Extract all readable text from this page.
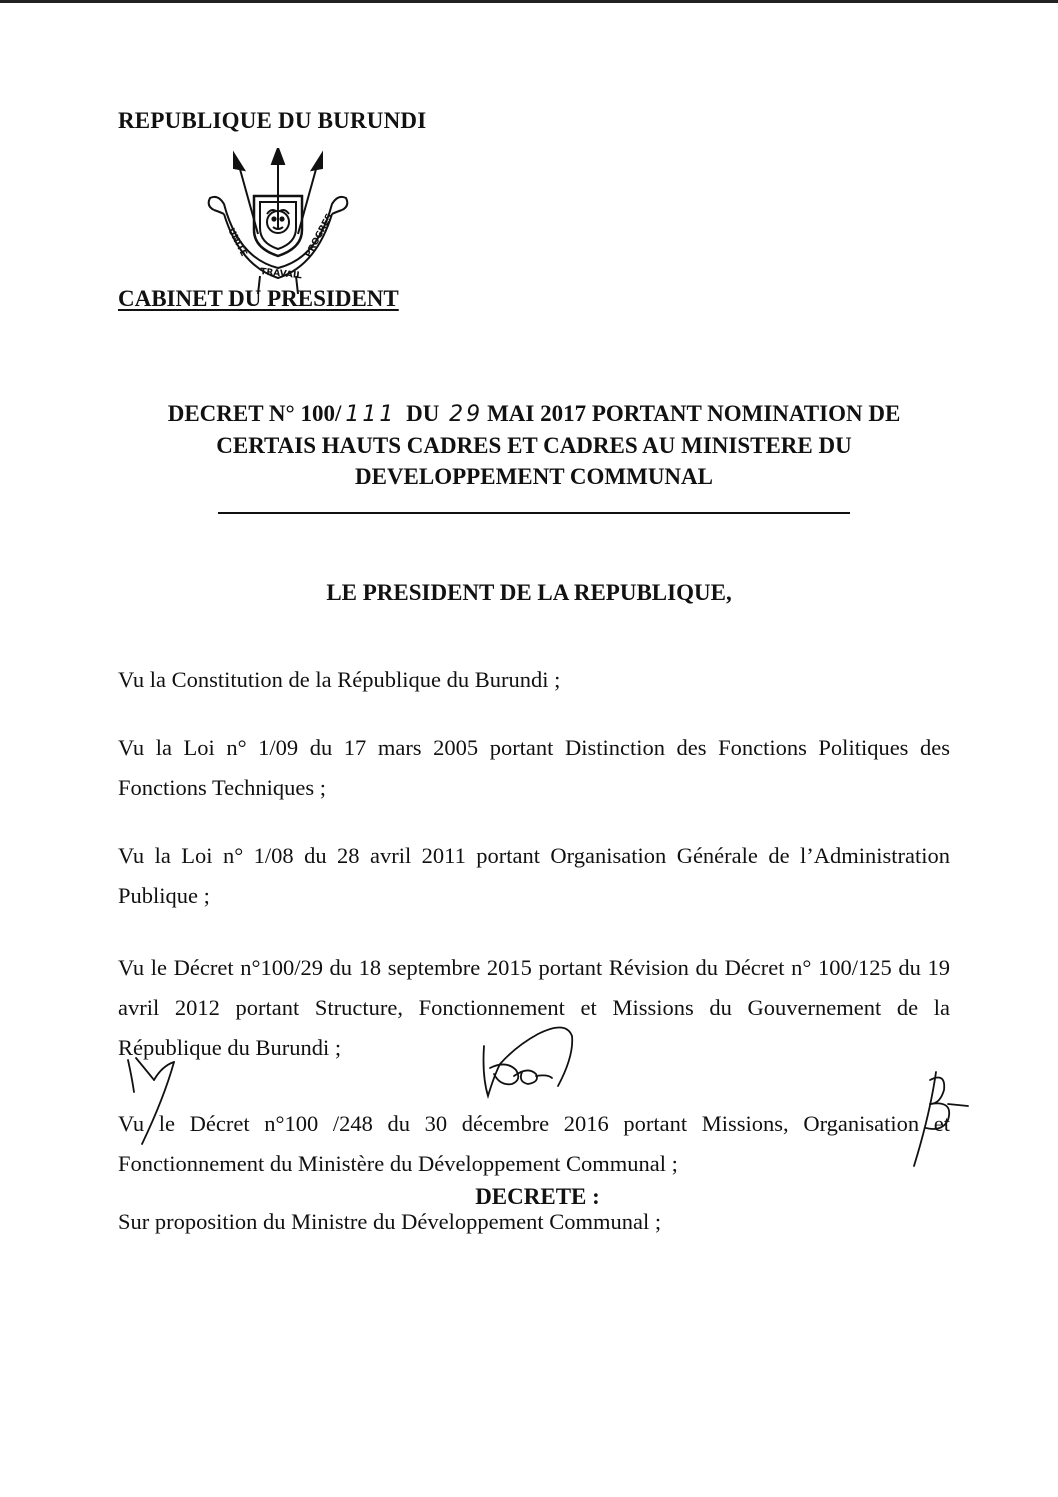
REPUBLIQUE DU BURUNDI
UNITE
TRAVAIL
PROGRES
CABINET DU PRESIDENT
DECRET N° 100/ 111 DU 29 MAI 2017 PORTANT NOMINATION DE
CERTAIS HAUTS CADRES ET CADRES AU MINISTERE DU
DEVELOPPEMENT COMMUNAL
LE PRESIDENT DE LA REPUBLIQUE,
Vu la Constitution de la République du Burundi ;
Vu la Loi n° 1/09 du 17 mars 2005 portant Distinction des Fonctions Politiques des Fonctions Techniques ;
Vu la Loi n° 1/08 du 28 avril 2011 portant Organisation Générale de l’Administration Publique ;
Vu le Décret n°100/29 du 18 septembre 2015 portant Révision du Décret n° 100/125 du 19 avril 2012 portant Structure, Fonctionnement et Missions du Gouvernement de la République du Burundi ;
Vu le Décret n°100 /248 du 30 décembre 2016 portant Missions, Organisation et Fonctionnement du Ministère du Développement Communal ;
Sur proposition du Ministre du Développement Communal ;
DECRETE :
